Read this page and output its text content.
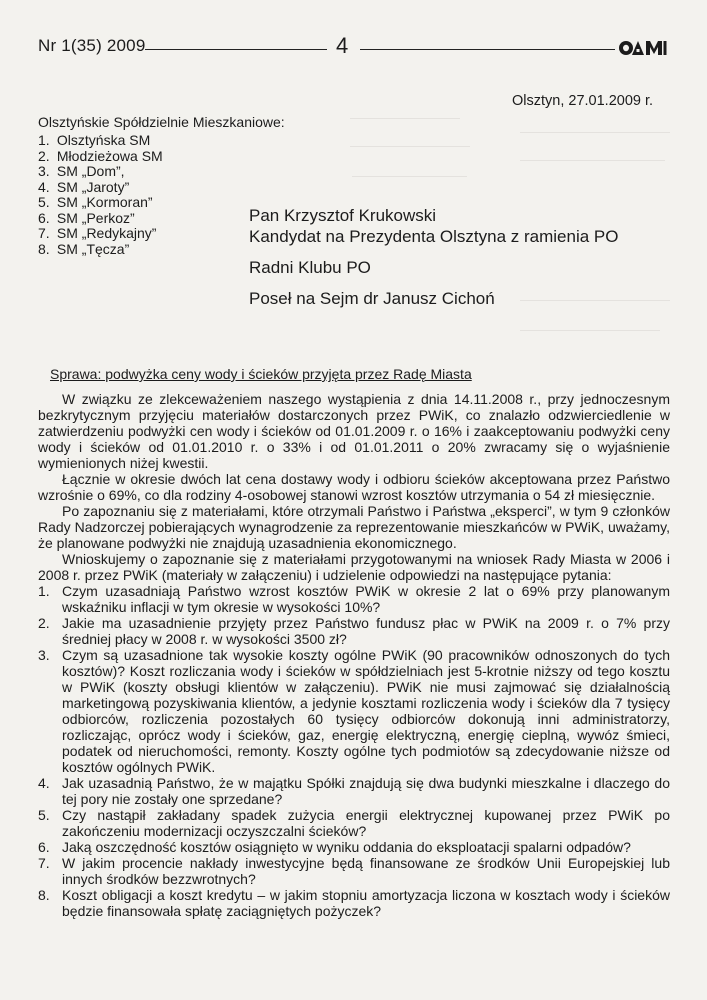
Nr 1(35) 2009	4
Olsztyn, 27.01.2009 r.
Olsztyńskie Spółdzielnie Mieszkaniowe:
1. Olsztyńska SM
2. Młodzieżowa SM
3. SM „Dom”,
4. SM „Jaroty”
5. SM „Kormoran”
6. SM „Perkoz”
7. SM „Redykajny”
8. SM „Tęcza”
Pan Krzysztof Krukowski
Kandydat na Prezydenta Olsztyna z ramienia PO
Radni Klubu PO
Poseł na Sejm dr Janusz Cichoń
Sprawa: podwyżka ceny wody i ścieków przyjęta przez Radę Miasta

W związku ze zlekceważeniem naszego wystąpienia z dnia 14.11.2008 r., przy jednoczesnym bezkrytycznym przyjęciu materiałów dostarczonych przez PWiK, co znalazło odzwierciedlenie w zatwierdzeniu podwyżki cen wody i ścieków od 01.01.2009 r. o 16% i zaakceptowaniu podwyżki ceny wody i ścieków od 01.01.2010 r. o 33% i od 01.01.2011 o 20% zwracamy się o wyjaśnienie wymienionych niżej kwestii.

Łącznie w okresie dwóch lat cena dostawy wody i odbioru ścieków akceptowana przez Państwo wzrośnie o 69%, co dla rodziny 4-osobowej stanowi wzrost kosztów utrzymania o 54 zł miesięcznie.

Po zapoznaniu się z materiałami, które otrzymali Państwo i Państwa „eksperci”, w tym 9 członków Rady Nadzorczej pobierających wynagrodzenie za reprezentowanie mieszkańców w PWiK, uważamy, że planowane podwyżki nie znajdują uzasadnienia ekonomicznego.

Wnioskujemy o zapoznanie się z materiałami przygotowanymi na wniosek Rady Miasta w 2006 i 2008 r. przez PWiK (materiały w załączeniu) i udzielenie odpowiedzi na następujące pytania:

1. Czym uzasadniają Państwo wzrost kosztów PWiK w okresie 2 lat o 69% przy planowanym wskaźniku inflacji w tym okresie w wysokości 10%?
2. Jakie ma uzasadnienie przyjęty przez Państwo fundusz płac w PWiK na 2009 r. o 7% przy średniej płacy w 2008 r. w wysokości 3500 zł?
3. Czym są uzasadnione tak wysokie koszty ogólne PWiK (90 pracowników odnoszonych do tych kosztów)? Koszt rozliczania wody i ścieków w spółdzielniach jest 5-krotnie niższy od tego kosztu w PWiK (koszty obsługi klientów w załączeniu). PWiK nie musi zajmować się działalnością marketingową pozyskiwania klientów, a jedynie kosztami rozliczenia wody i ścieków dla 7 tysięcy odbiorców, rozliczenia pozostałych 60 tysięcy odbiorców dokonują inni administratorzy, rozliczając, oprócz wody i ścieków, gaz, energię elektryczną, energię cieplną, wywóz śmieci, podatek od nieruchomości, remonty. Koszty ogólne tych podmiotów są zdecydowanie niższe od kosztów ogólnych PWiK.
4. Jak uzasadnią Państwo, że w majątku Spółki znajdują się dwa budynki mieszkalne i dlaczego do tej pory nie zostały one sprzedane?
5. Czy nastąpił zakładany spadek zużycia energii elektrycznej kupowanej przez PWiK po zakończeniu modernizacji oczyszczalni ścieków?
6. Jaką oszczędność kosztów osiągnięto w wyniku oddania do eksploatacji spalarni odpadów?
7. W jakim procencie nakłady inwestycyjne będą finansowane ze środków Unii Europejskiej lub innych środków bezzwrotnych?
8. Koszt obligacji a koszt kredytu – w jakim stopniu amortyzacja liczona w kosztach wody i ścieków będzie finansowała spłatę zaciągniętych pożyczek?
